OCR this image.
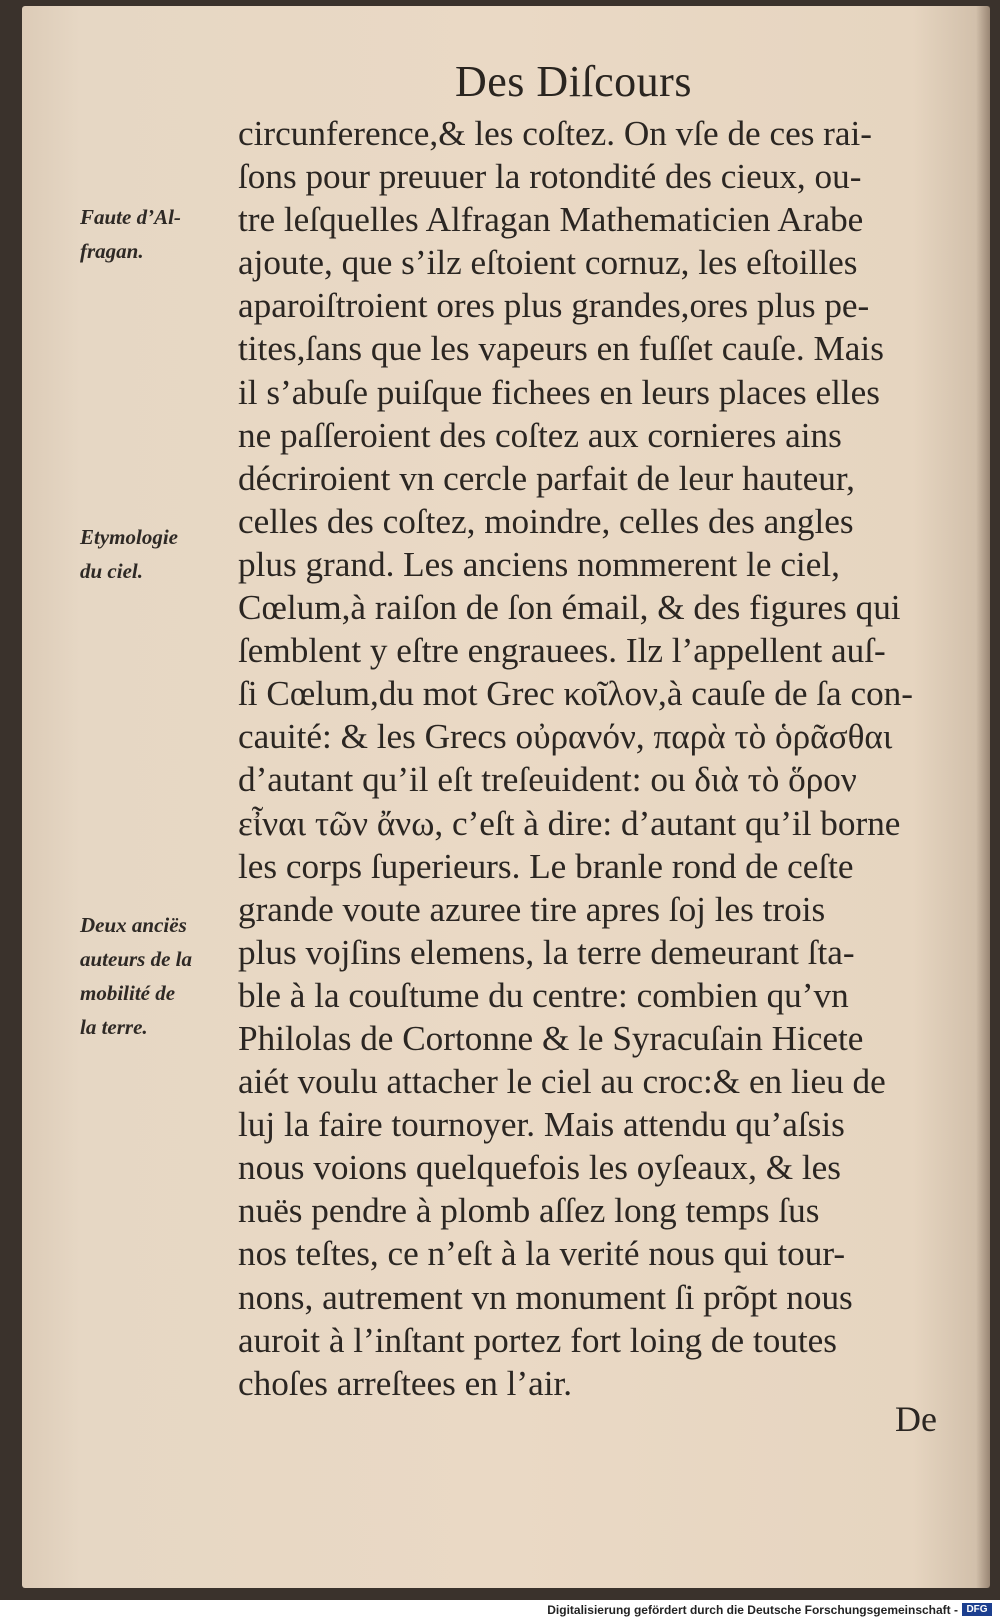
Des Diſcours
circunference,& les coſtez. On vſe de ces rai-
ſons pour preuuer la rotondité des cieux, ou-
tre leſquelles Alfragan Mathematicien Arabe
ajoute, que s’ilz eſtoient cornuz, les eſtoilles
aparoiſtroient ores plus grandes,ores plus pe-
tites,ſans que les vapeurs en fuſſet cauſe. Mais
il s’abuſe puiſque fichees en leurs places elles
ne paſſeroient des coſtez aux cornieres ains
décriroient vn cercle parfait de leur hauteur,
celles des coſtez, moindre, celles des angles
plus grand. Les anciens nommerent le ciel,
Cœlum,à raiſon de ſon émail, & des figures qui
ſemblent y eſtre engrauees. Ilz l’appellent auſ-
ſi Cœlum,du mot Grec κοῖλον,à cauſe de ſa con-
cauité: & les Grecs οὐρανόν, παρὰ τὸ ὁρᾶσθαι
d’autant qu’il eſt treſeuident: ou διὰ τὸ ὅρον
εἶναι τῶν ἄνω, c’eſt à dire: d’autant qu’il borne
les corps ſuperieurs. Le branle rond de ceſte
grande voute azuree tire apres ſoj les trois
plus vojſins elemens, la terre demeurant ſta-
ble à la couſtume du centre: combien qu’vn
Philolas de Cortonne & le Syracuſain Hicete
aiét voulu attacher le ciel au croc:& en lieu de
luj la faire tournoyer. Mais attendu qu’aſsis
nous voions quelquefois les oyſeaux, & les
nuës pendre à plomb aſſez long temps ſus
nos teſtes, ce n’eſt à la verité nous qui tour-
nons, autrement vn monument ſi prõpt nous
auroit à l’inſtant portez fort loing de toutes
choſes arreſtees en l’air.
Faute d’Al-
fragan.
Etymologie
du ciel.
Deux anciës
auteurs de la
mobilité de
la terre.
De
Digitalisierung gefördert durch die Deutsche Forschungsgemeinschaft - DFG
